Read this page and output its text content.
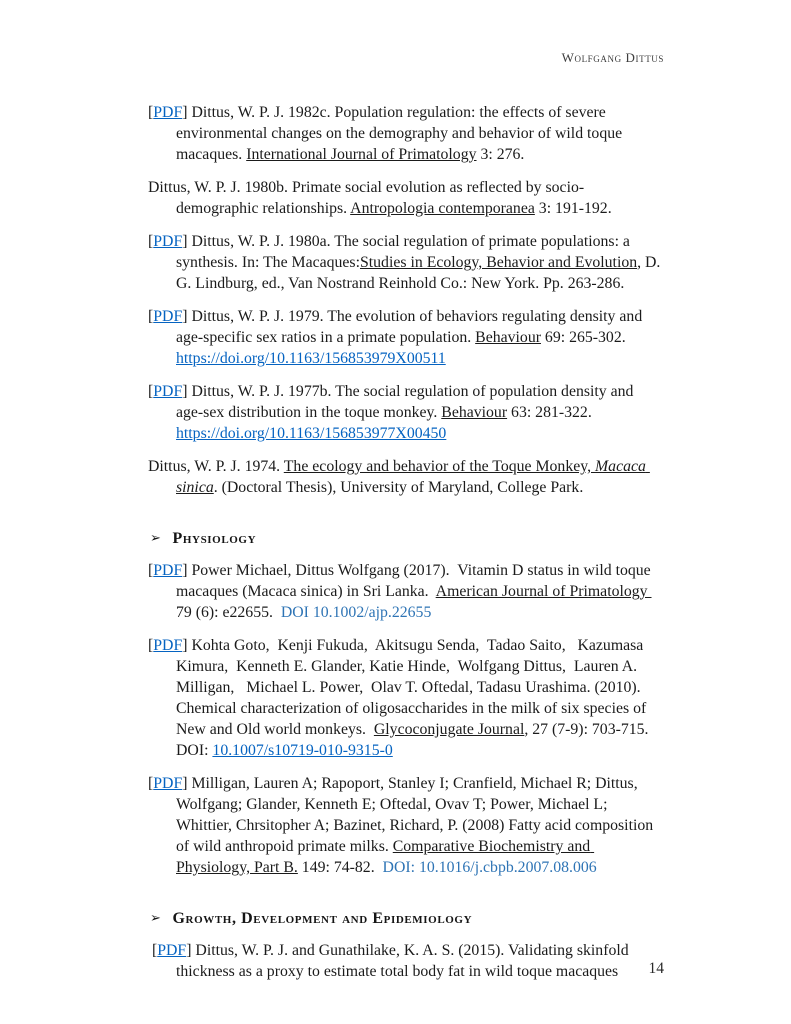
Wolfgang Dittus

[PDF] Dittus, W. P. J. 1982c. Population regulation: the effects of severe environmental changes on the demography and behavior of wild toque macaques. International Journal of Primatology 3: 276.

Dittus, W. P. J. 1980b. Primate social evolution as reflected by socio-demographic relationships. Antropologia contemporanea 3: 191-192.

[PDF] Dittus, W. P. J. 1980a. The social regulation of primate populations: a synthesis. In: The Macaques:Studies in Ecology, Behavior and Evolution, D. G. Lindburg, ed., Van Nostrand Reinhold Co.: New York. Pp. 263-286.

[PDF] Dittus, W. P. J. 1979. The evolution of behaviors regulating density and age-specific sex ratios in a primate population. Behaviour 69: 265-302. https://doi.org/10.1163/156853979X00511

[PDF] Dittus, W. P. J. 1977b. The social regulation of population density and age-sex distribution in the toque monkey. Behaviour 63: 281-322. https://doi.org/10.1163/156853977X00450

Dittus, W. P. J. 1974. The ecology and behavior of the Toque Monkey, Macaca sinica. (Doctoral Thesis), University of Maryland, College Park.

➢ Physiology

[PDF] Power Michael, Dittus Wolfgang (2017).  Vitamin D status in wild toque macaques (Macaca sinica) in Sri Lanka.  American Journal of Primatology 79 (6): e22655.  DOI 10.1002/ajp.22655

[PDF] Kohta Goto,  Kenji Fukuda,  Akitsugu Senda,  Tadao Saito,   Kazumasa Kimura,  Kenneth E. Glander, Katie Hinde,  Wolfgang Dittus,  Lauren A. Milligan,   Michael L. Power,  Olav T. Oftedal, Tadasu Urashima. (2010). Chemical characterization of oligosaccharides in the milk of six species of New and Old world monkeys.  Glycoconjugate Journal, 27 (7-9): 703-715. DOI: 10.1007/s10719-010-9315-0

[PDF] Milligan, Lauren A; Rapoport, Stanley I; Cranfield, Michael R; Dittus, Wolfgang; Glander, Kenneth E; Oftedal, Ovav T; Power, Michael L; Whittier, Chrsitopher A; Bazinet, Richard, P. (2008) Fatty acid composition of wild anthropoid primate milks. Comparative Biochemistry and Physiology, Part B. 149: 74-82.  DOI: 10.1016/j.cbpb.2007.08.006

➢ Growth, Development and Epidemiology

[PDF] Dittus, W. P. J. and Gunathilake, K. A. S. (2015). Validating skinfold thickness as a proxy to estimate total body fat in wild toque macaques	14
